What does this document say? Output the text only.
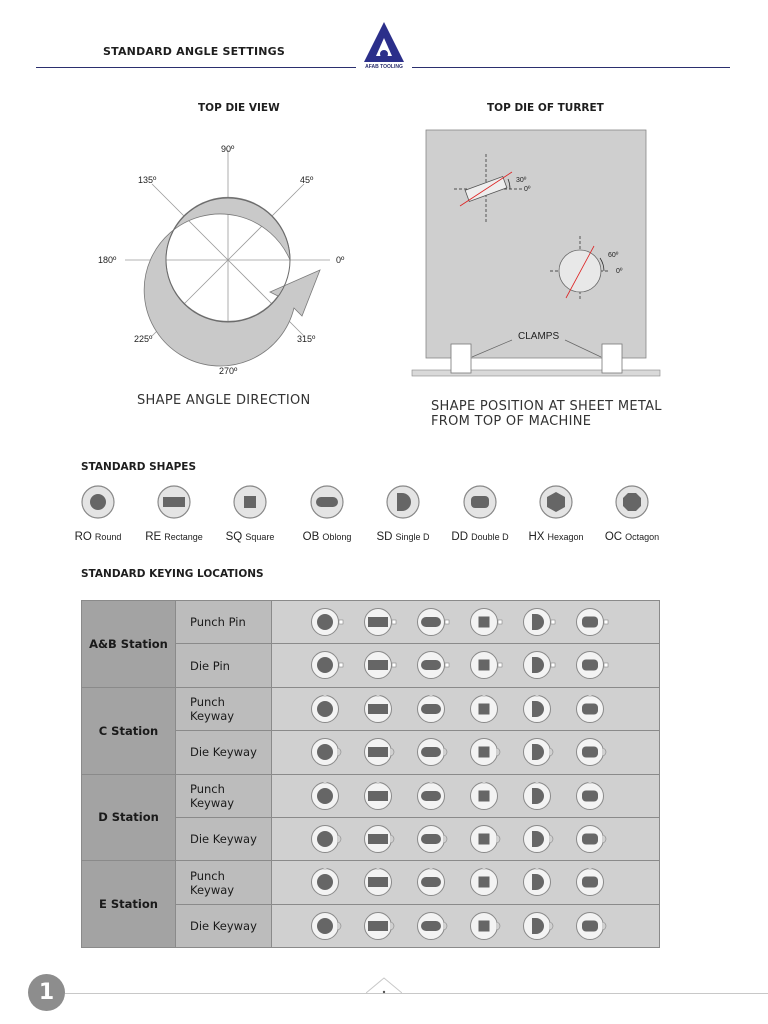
STANDARD ANGLE SETTINGS
AFAB TOOLING
TOP DIE VIEW
90º
45º
135º
180º	0º
225º	315º
270º
SHAPE ANGLE DIRECTION
TOP DIE OF TURRET
30º
0º
60º
0º
CLAMPS
SHAPE POSITION AT SHEET METAL
FROM TOP OF MACHINE
STANDARD SHAPES
RO Round	RE Rectange	SQ Square	OB Oblong	SD Single D	DD Double D	HX Hexagon	OC Octagon
STANDARD KEYING LOCATIONS
A&B Station	Punch Pin	

	Die Pin	

C Station	Punch Keyway	

	Die Keyway	

D Station	Punch Keyway	

	Die Keyway	

E Station	Punch Keyway	

	Die Keyway	
1
